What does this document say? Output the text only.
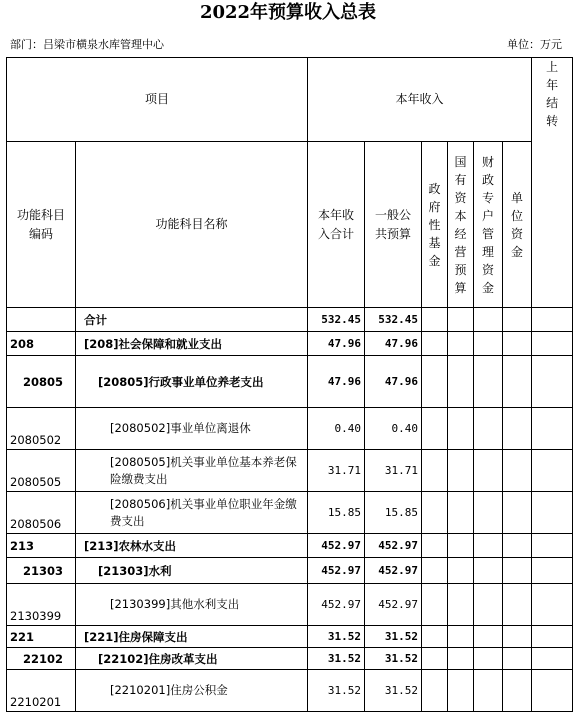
2022年预算收入总表
部门：吕梁市横泉水库管理中心	单位：万元
项目		本年收入						上年结转
功能科目编码	功能科目名称	本年收入合计	一般公共预算	政府性基金	国有资本经营预算	财政专户管理资金	单位资金	
	合计	532.45	532.45					
208	[208]社会保障和就业支出	47.96	47.96					
20805	[20805]行政事业单位养老支出	47.96	47.96					
2080502	[2080502]事业单位离退休	0.40	0.40					
2080505	[2080505]机关事业单位基本养老保险缴费支出	31.71	31.71					
2080506	[2080506]机关事业单位职业年金缴费支出	15.85	15.85					
213	[213]农林水支出	452.97	452.97					
21303	[21303]水利	452.97	452.97					
2130399	[2130399]其他水利支出	452.97	452.97					
221	[221]住房保障支出	31.52	31.52					
22102	[22102]住房改革支出	31.52	31.52					
2210201	[2210201]住房公积金	31.52	31.52					
